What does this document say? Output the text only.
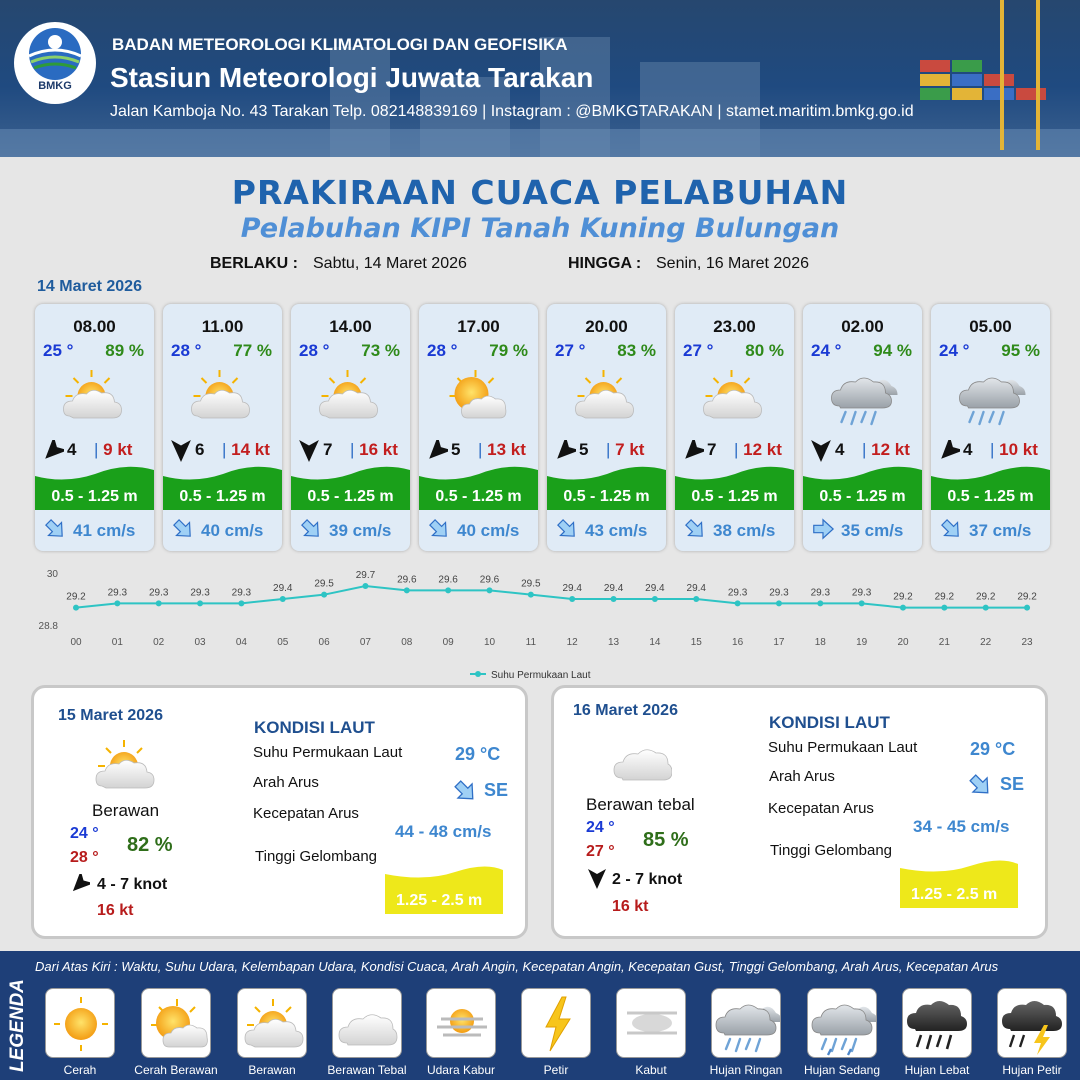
BMKG
BADAN METEOROLOGI KLIMATOLOGI DAN GEOFISIKA
Stasiun Meteorologi Juwata Tarakan
Jalan Kamboja No. 43 Tarakan Telp. 082148839169 | Instagram : @BMKGTARAKAN | stamet.maritim.bmkg.go.id
PRAKIRAAN CUACA PELABUHAN
Pelabuhan KIPI Tanah Kuning Bulungan
BERLAKU : Sabtu, 14 Maret 2026	HINGGA : Senin, 16 Maret 2026
14 Maret 2026
08.00
25 ° 89 %
4 | 9 kt
0.5 - 1.25 m
41 cm/s
11.00
28 ° 77 %
6 | 14 kt
0.5 - 1.25 m
40 cm/s
14.00
28 ° 73 %
7 | 16 kt
0.5 - 1.25 m
39 cm/s
17.00
28 ° 79 %
5 | 13 kt
0.5 - 1.25 m
40 cm/s
20.00
27 ° 83 %
5 | 7 kt
0.5 - 1.25 m
43 cm/s
23.00
27 ° 80 %
7 | 12 kt
0.5 - 1.25 m
38 cm/s
02.00
24 ° 94 %
4 | 12 kt
0.5 - 1.25 m
35 cm/s
05.00
24 ° 95 %
4 | 10 kt
0.5 - 1.25 m
37 cm/s
30
28.8
29.2
00
29.3
01
29.3
02
29.3
03
29.3
04
29.4
05
29.5
06
29.7
07
29.6
08
29.6
09
29.6
10
29.5
11
29.4
12
29.4
13
29.4
14
29.4
15
29.3
16
29.3
17
29.3
18
29.3
19
29.2
20
29.2
21
29.2
22
29.2
23
Suhu Permukaan Laut
15 Maret 2026
Berawan
24 °
28 °
82 %
4 - 7 knot
16 kt
KONDISI LAUT
Suhu Permukaan Laut	29 °C
Arah Arus	SE
Kecepatan Arus
44 - 48 cm/s
Tinggi Gelombang
1.25 - 2.5 m
16 Maret 2026
Berawan tebal
24 °
27 °
85 %
2 - 7 knot
16 kt
KONDISI LAUT
Suhu Permukaan Laut	29 °C
Arah Arus	SE
Kecepatan Arus
34 - 45 cm/s
Tinggi Gelombang
1.25 - 2.5 m
LEGENDA
Dari Atas Kiri : Waktu, Suhu Udara, Kelembapan Udara, Kondisi Cuaca, Arah Angin, Kecepatan Angin, Kecepatan Gust, Tinggi Gelombang, Arah Arus, Kecepatan Arus
Cerah	Cerah Berawan	Berawan	Berawan Tebal	Udara Kabur	Petir	Kabut	Hujan Ringan	Hujan Sedang	Hujan Lebat	Hujan Petir
